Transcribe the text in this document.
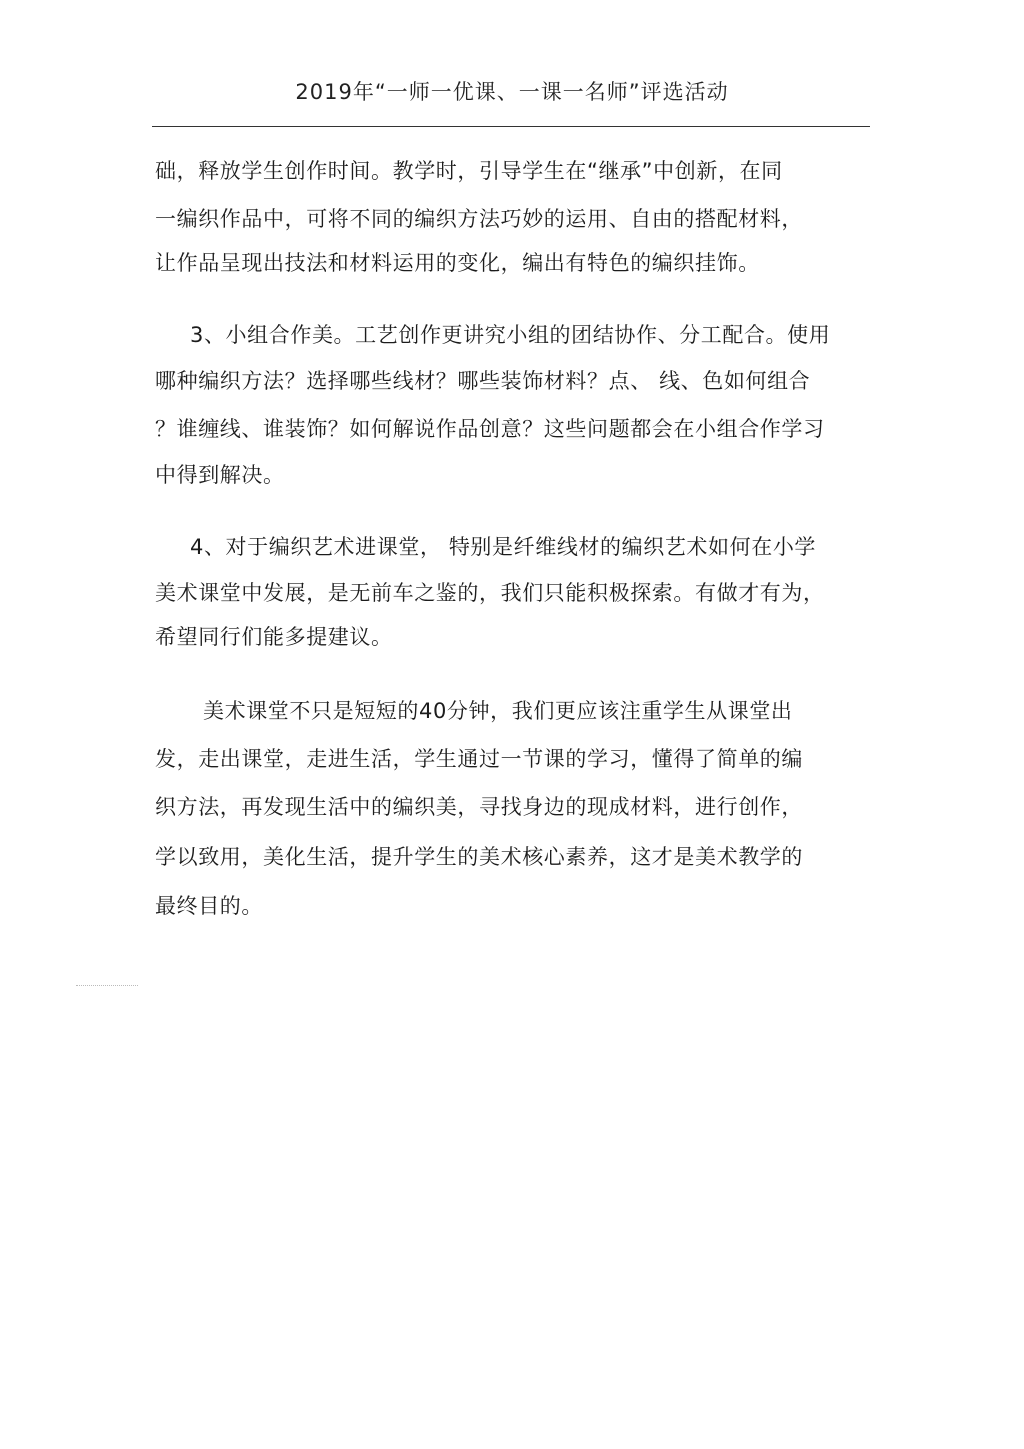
2019年“一师一优课、一课一名师”评选活动
础，释放学生创作时间。教学时，引导学生在“继承”中创新，在同
一编织作品中，可将不同的编织方法巧妙的运用、自由的搭配材料，
让作品呈现出技法和材料运用的变化，编出有特色的编织挂饰。
3、小组合作美。工艺创作更讲究小组的团结协作、分工配合。使用
哪种编织方法？选择哪些线材？哪些装饰材料？点、 线、色如何组合
？谁缠线、谁装饰？如何解说作品创意？这些问题都会在小组合作学习
中得到解决。
4、对于编织艺术进课堂， 特别是纤维线材的编织艺术如何在小学
美术课堂中发展，是无前车之鉴的，我们只能积极探索。有做才有为，
希望同行们能多提建议。
美术课堂不只是短短的40分钟，我们更应该注重学生从课堂出
发，走出课堂，走进生活，学生通过一节课的学习，懂得了简单的编
织方法，再发现生活中的编织美，寻找身边的现成材料，进行创作，
学以致用，美化生活，提升学生的美术核心素养，这才是美术教学的
最终目的。
